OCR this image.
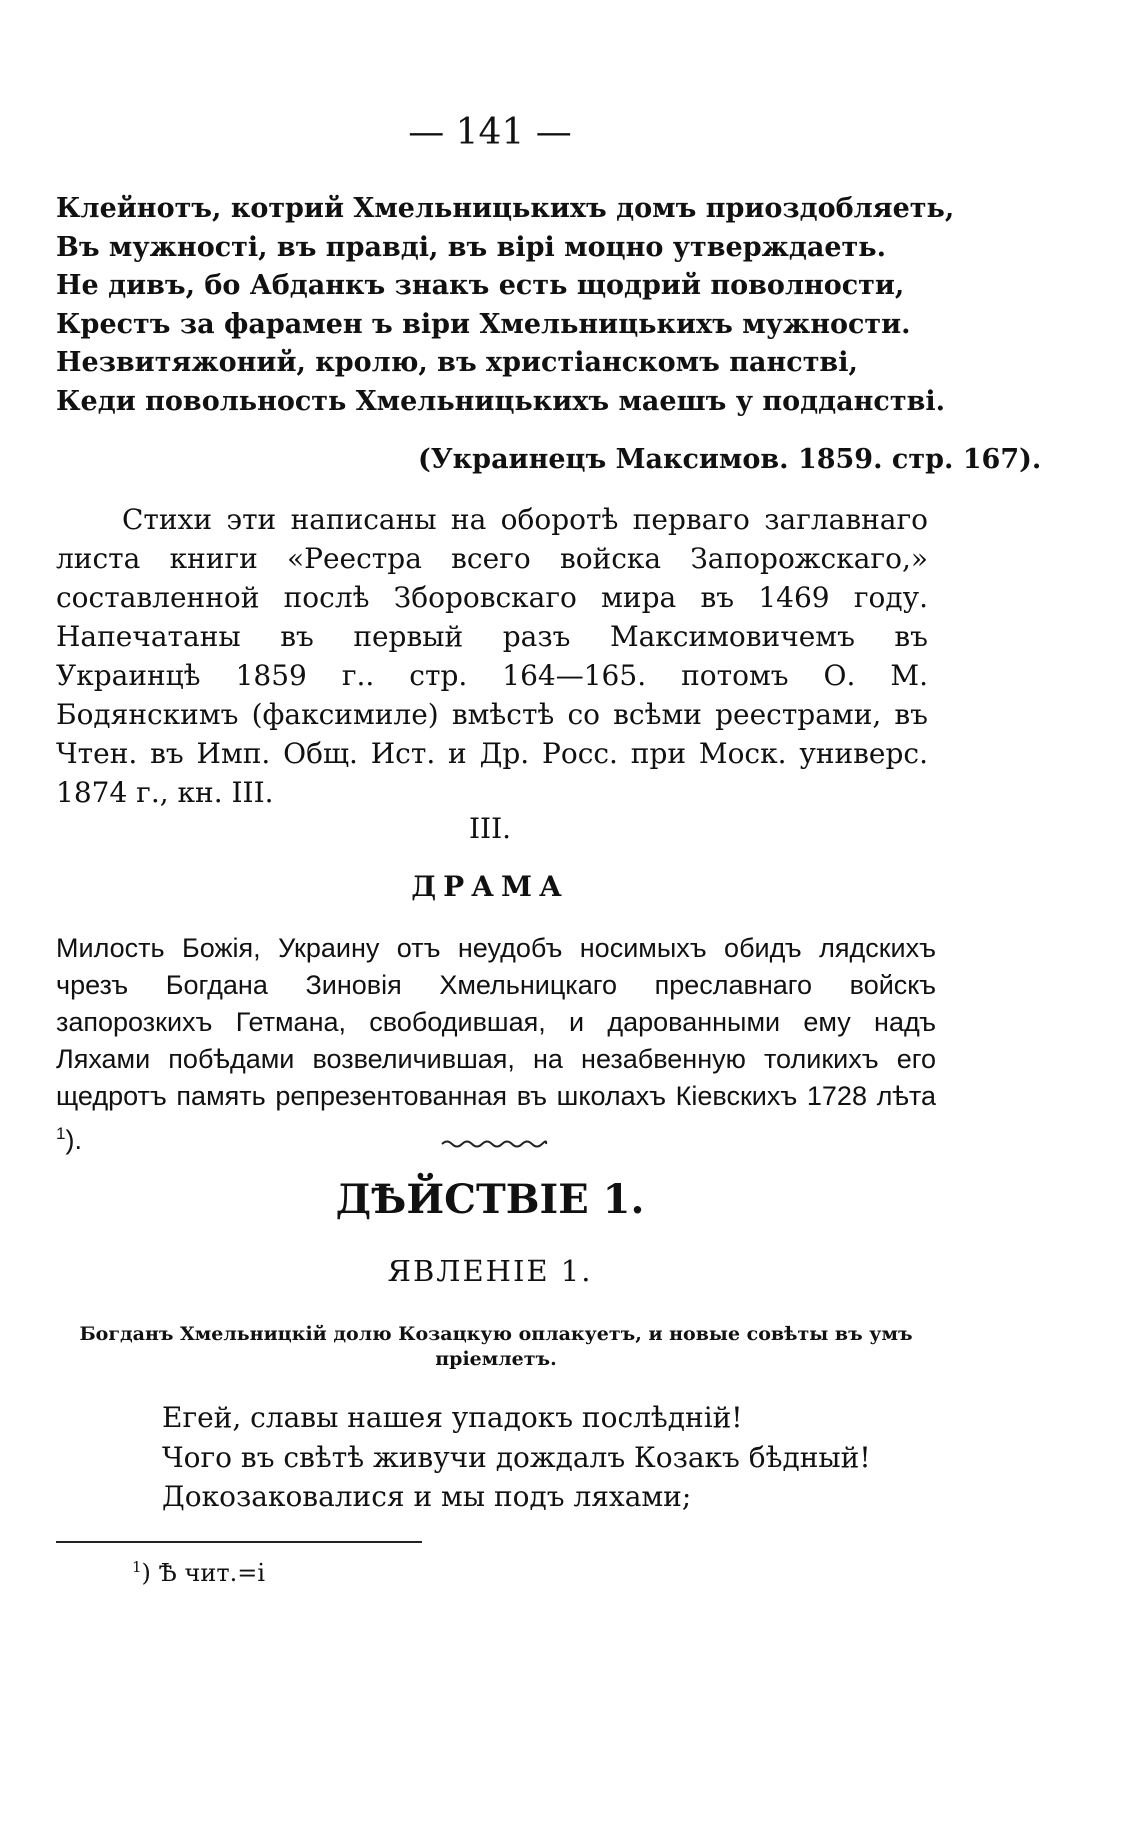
— 141 —
Клейнотъ, котрий Хмельницькихъ домъ приоздобляеть,
Въ мужності, въ правді, въ вірі моцно утверждаеть.
Не дивъ, бо Абданкъ знакъ есть щодрий поволности,
Крестъ за фарамен ъ віри Хмельницькихъ мужности.
Незвитяжоний, кролю, въ христіанскомъ панстві,
Кеди повольность Хмельницькихъ маешъ у подданстві.
(Украинецъ Максимов. 1859. стр. 167).

Стихи эти написаны на оборотѣ перваго заглавнаго листа книги «Реестра всего войска Запорожскаго,» составленной послѣ Зборовскаго мира въ 1469 году. Напечатаны въ первый разъ Максимовичемъ въ Украинцѣ 1859 г.. стр. 164—165. потомъ О. М. Бодянскимъ (факсимиле) вмѣстѣ со всѣми реестрами, въ Чтен. въ Имп. Общ. Ист. и Др. Росс. при Моск. универс. 1874 г., кн. III.

III.
ДРАМА
Милость Божія, Украину отъ неудобъ носимыхъ обидъ лядскихъ чрезъ Богдана Зиновія Хмельницкаго преславнаго войскъ запорозкихъ Гетмана, свободившая, и дарованными ему надъ Ляхами побѣдами возвеличившая, на незабвенную толикихъ его щедротъ память репрезентованная въ школахъ Кіевскихъ 1728 лѣта $^1$).
ДѢЙСТВІЕ 1.
ЯВЛЕНІЕ 1.
Богданъ Хмельницкій долю Козацкую оплакуетъ, и новые совѣты въ умъ пріемлетъ.
Егей, славы нашея упадокъ послѣдній!
Чого въ свѣтѣ живучи дождалъ Козакъ бѣдный!
Докозаковалися и мы подъ ляхами;
$^1$) Ѣ чит.=і
